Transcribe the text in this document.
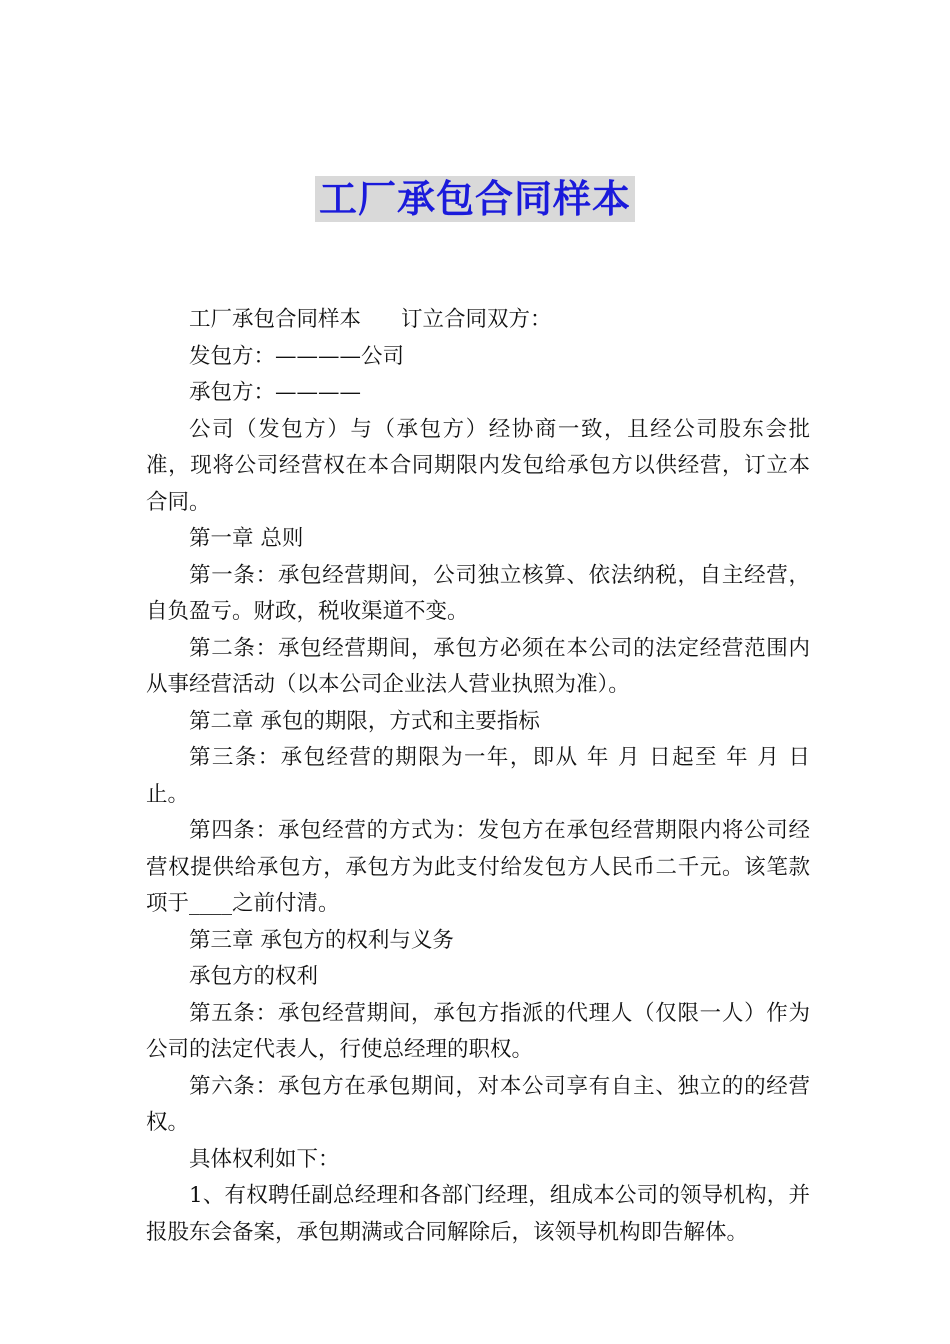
工厂承包合同样本

工厂承包合同样本 订立合同双方：

发包方：————公司

承包方：————

公司（发包方）与（承包方）经协商一致，且经公司股东会批准，现将公司经营权在本合同期限内发包给承包方以供经营，订立本合同。

第一章 总则

第一条：承包经营期间，公司独立核算、依法纳税，自主经营，自负盈亏。财政，税收渠道不变。

第二条：承包经营期间，承包方必须在本公司的法定经营范围内从事经营活动（以本公司企业法人营业执照为准）。

第二章 承包的期限，方式和主要指标

第三条：承包经营的期限为一年，即从 年 月 日起至 年 月 日止。

第四条：承包经营的方式为：发包方在承包经营期限内将公司经营权提供给承包方，承包方为此支付给发包方人民币二千元。该笔款项于____之前付清。

第三章 承包方的权利与义务

承包方的权利

第五条：承包经营期间，承包方指派的代理人（仅限一人）作为公司的法定代表人，行使总经理的职权。

第六条：承包方在承包期间，对本公司享有自主、独立的的经营权。

具体权利如下：

1、有权聘任副总经理和各部门经理，组成本公司的领导机构，并报股东会备案，承包期满或合同解除后，该领导机构即告解体。
